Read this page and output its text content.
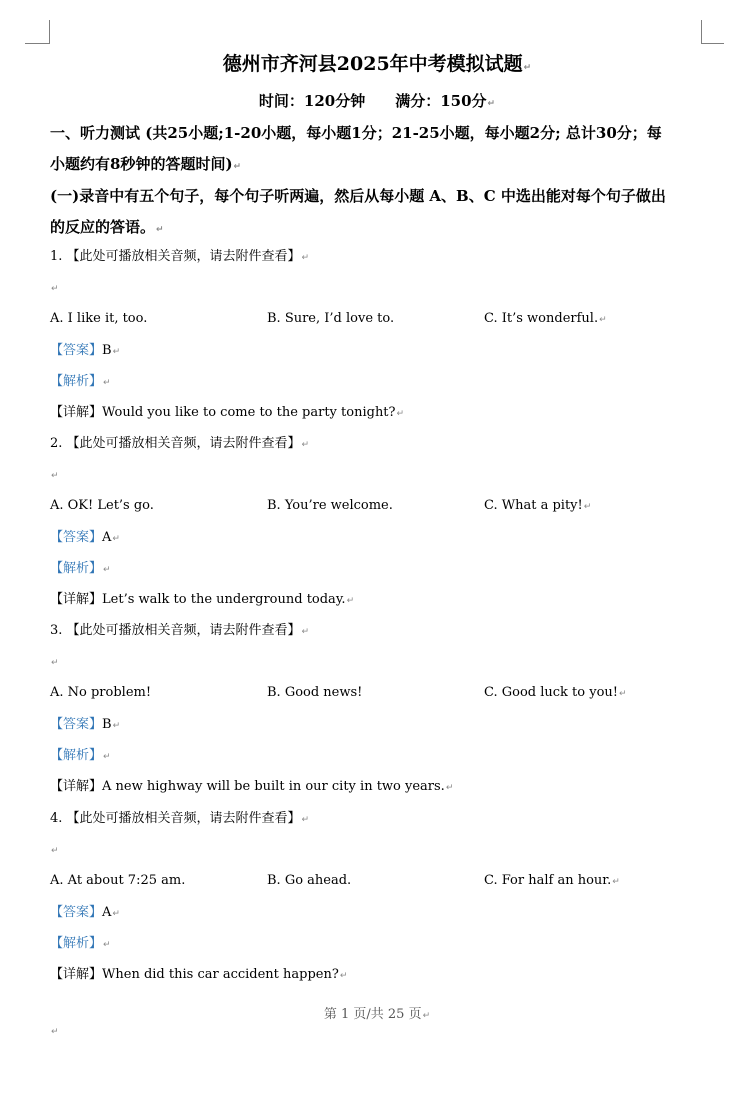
德州市齐河县2025年中考模拟试题↵
时间：120分钟 满分：150分↵
一、听力测试 (共25小题;1-20小题，每小题1分；21-25小题，每小题2分; 总计30分；每
小题约有8秒钟的答题时间)↵
(一)录音中有五个句子，每个句子听两遍，然后从每小题 A、B、C 中选出能对每个句子做出
的反应的答语。↵
1. 【此处可播放相关音频，请去附件查看】↵
↵
A. I like it, too.	B. Sure, I’d love to.	C. It’s wonderful.↵
【答案】B↵
【解析】↵
【详解】Would you like to come to the party tonight?↵
2. 【此处可播放相关音频，请去附件查看】↵
↵
A. OK! Let’s go.	B. You’re welcome.	C. What a pity!↵
【答案】A↵
【解析】↵
【详解】Let’s walk to the underground today.↵
3. 【此处可播放相关音频，请去附件查看】↵
↵
A. No problem!	B. Good news!	C. Good luck to you!↵
【答案】B↵
【解析】↵
【详解】A new highway will be built in our city in two years.↵
4. 【此处可播放相关音频，请去附件查看】↵
↵
A. At about 7:25 am.	B. Go ahead.	C. For half an hour.↵
【答案】A↵
【解析】↵
【详解】When did this car accident happen?↵
第 1 页/共 25 页↵
↵
